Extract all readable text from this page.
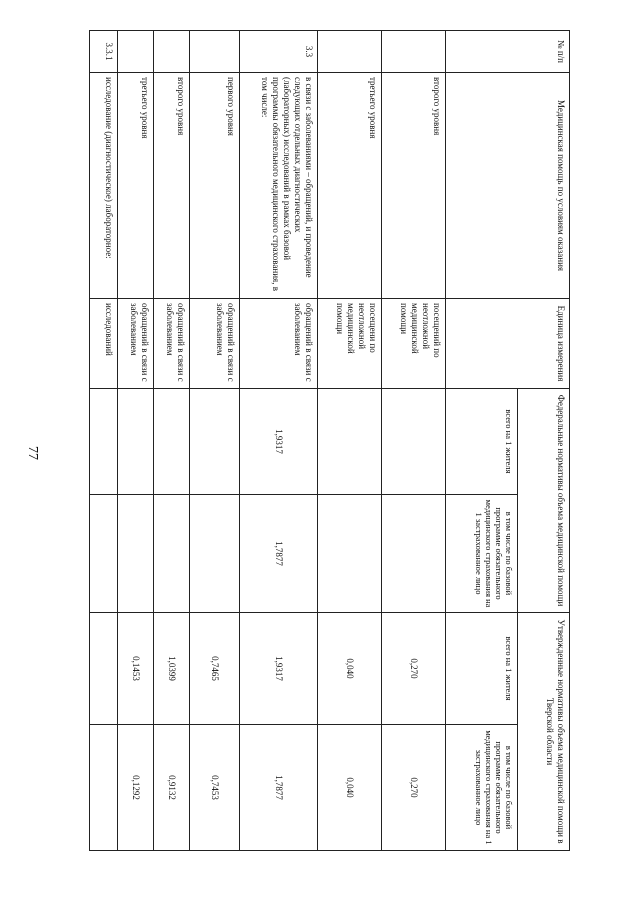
77
№ п/п	Медицинская помощь по условиям оказания	Единица измерения	Федеральные нормативы объема медицинской помощи		Утвержденные нормативы объема медицинской помощи в Тверской области	
			всего на 1 жителя	в том числе по базовой программе обязательного медицинского страхования на 1 застрахованное лицо	всего на 1 жителя	в том числе по базовой программе обязательного медицинского страхования на 1 застрахованное лицо
	второго уровня	посещений по неотложной медицинской помощи			0,270	0,270
	третьего уровня	посещени по неотложной медицинской помощи			0,040	0,040
3.3	в связи с заболеваниями – обращений, и проведение следующих отдельных диагностических (лабораторных) исследований в рамках базовой программы обязательного медицинского страхования, в том числе:	обращений в связи с заболеванием	1,9317	1,7877	1,9317	1,7877
	первого уровня	обращений в связи с заболеванием			0,7465	0,7453
	второго уровня	обращений в связи с заболеванием			1,0399	0,9132
	третьего уровня	обращений в связи с заболеванием			0,1453	0,1292
3.3.1	исследование (диагностическое) лабораторное:	исследований				
